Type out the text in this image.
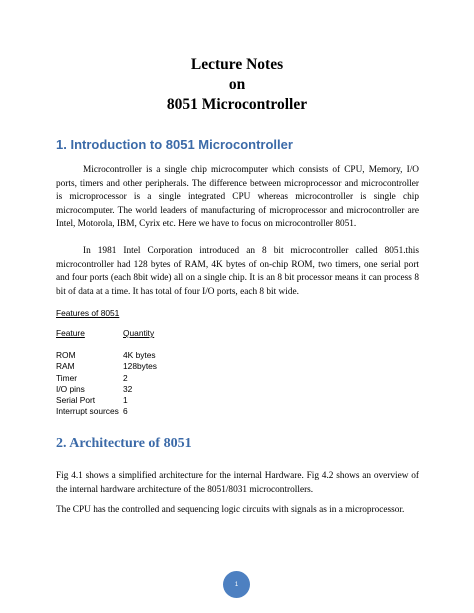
Lecture Notes
on
8051 Microcontroller
1. Introduction to 8051 Microcontroller

Microcontroller is a single chip microcomputer which consists of CPU, Memory, I/O ports, timers and other peripherals. The difference between microprocessor and microcontroller is microprocessor is a single integrated CPU whereas microcontroller is single chip microcomputer. The world leaders of manufacturing of microprocessor and microcontroller are Intel, Motorola, IBM, Cyrix etc. Here we have to focus on microcontroller 8051.

In 1981 Intel Corporation introduced an 8 bit microcontroller called 8051.this microcontroller had 128 bytes of RAM, 4K bytes of on-chip ROM, two timers, one serial port and four ports (each 8bit wide) all on a single chip. It is an 8 bit processor means it can process 8 bit of data at a time. It has total of four I/O ports, each 8 bit wide.

Features of 8051
Feature	Quantity
ROM	4K bytes
RAM	128bytes
Timer	2
I/O pins	32
Serial Port	1
Interrupt sources	6
2. Architecture of 8051

Fig 4.1 shows a simplified architecture for the internal Hardware. Fig 4.2 shows an overview of the internal hardware architecture of the 8051/8031 microcontrollers.

The CPU has the controlled and sequencing logic circuits with signals as in a microprocessor.

1
